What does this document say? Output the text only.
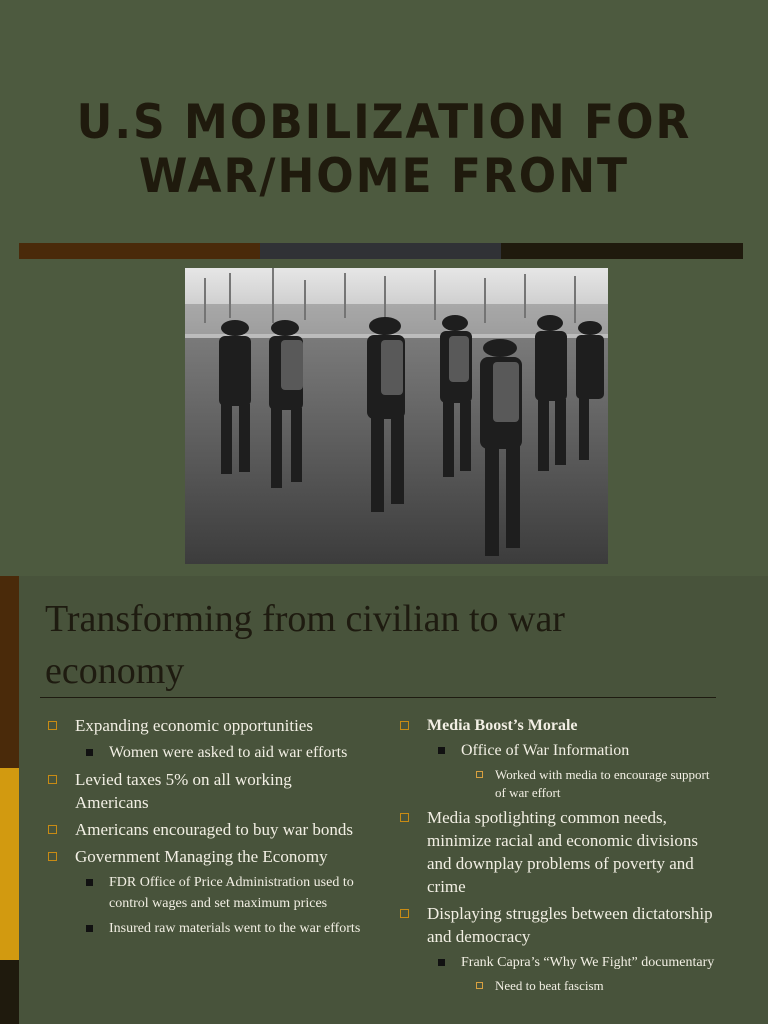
U.S MOBILIZATION FOR
WAR/HOME FRONT
Transforming from civilian to war
economy
Expanding economic opportunities
Women were asked to aid war efforts
Levied taxes 5% on all working Americans
Americans encouraged to buy war bonds
Government Managing the Economy
FDR Office of Price Administration used to control wages and set maximum prices
Insured raw materials went to the war efforts
Media Boost’s Morale
Office of War Information
Worked with media to encourage support of war effort
Media spotlighting common needs, minimize racial and economic divisions and downplay problems of poverty and crime
Displaying struggles between dictatorship and democracy
Frank Capra’s “Why We Fight” documentary
Need to beat fascism
